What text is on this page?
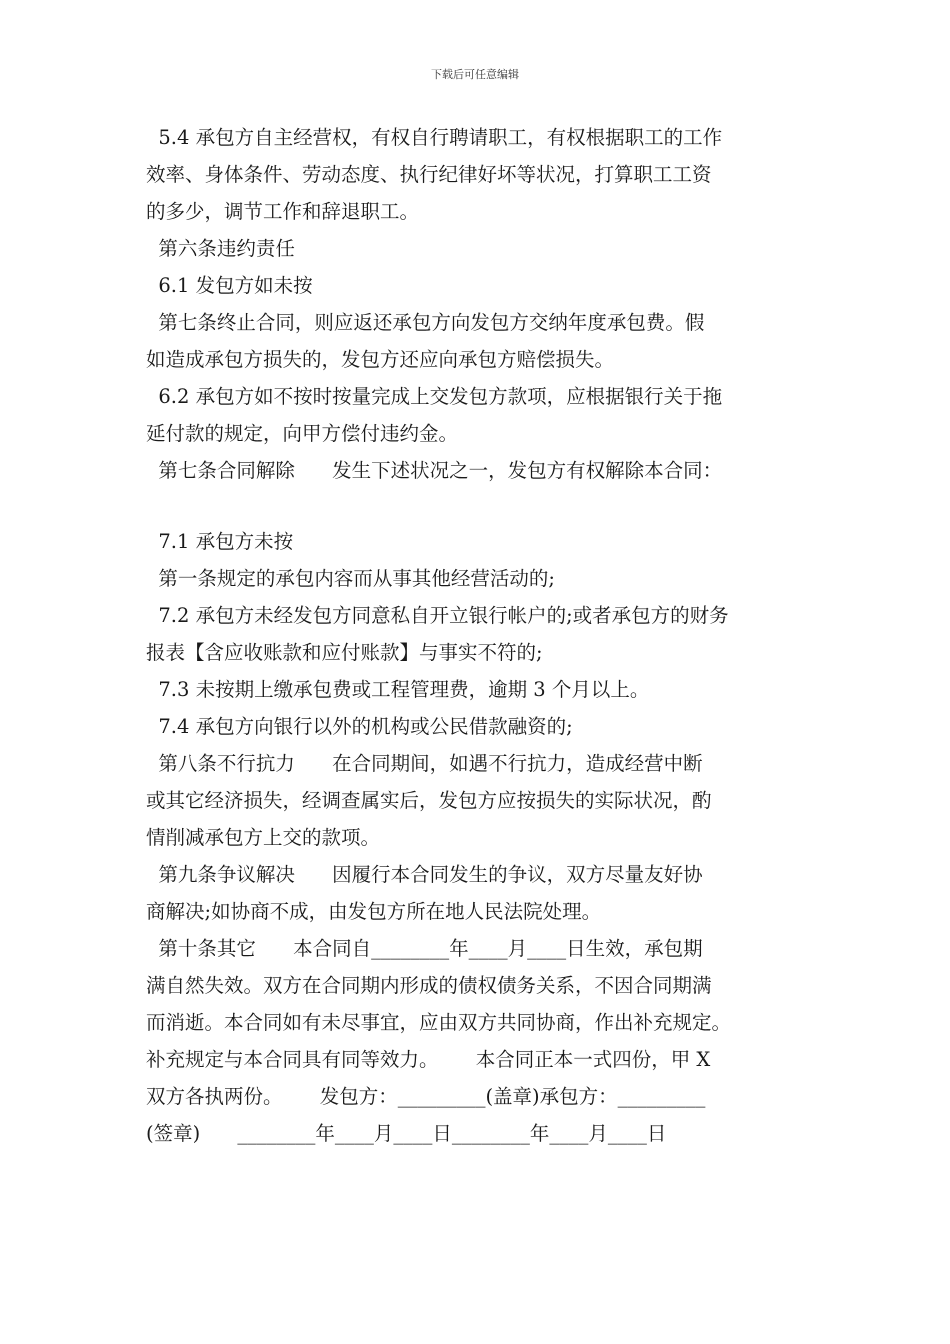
下载后可任意编辑
5.4 承包方自主经营权，有权自行聘请职工，有权根据职工的工作
效率、身体条件、劳动态度、执行纪律好坏等状况，打算职工工资
的多少，调节工作和辞退职工。
第六条违约责任
6.1 发包方如未按
第七条终止合同，则应返还承包方向发包方交纳年度承包费。假
如造成承包方损失的，发包方还应向承包方赔偿损失。
6.2 承包方如不按时按量完成上交发包方款项，应根据银行关于拖
延付款的规定，向甲方偿付违约金。
第七条合同解除      发生下述状况之一，发包方有权解除本合同：
7.1 承包方未按
第一条规定的承包内容而从事其他经营活动的;
7.2 承包方未经发包方同意私自开立银行帐户的;或者承包方的财务
报表【含应收账款和应付账款】与事实不符的;
7.3 未按期上缴承包费或工程管理费，逾期 3 个月以上。
7.4 承包方向银行以外的机构或公民借款融资的;
第八条不行抗力      在合同期间，如遇不行抗力，造成经营中断
或其它经济损失，经调查属实后，发包方应按损失的实际状况，酌
情削减承包方上交的款项。
第九条争议解决      因履行本合同发生的争议，双方尽量友好协
商解决;如协商不成，由发包方所在地人民法院处理。
第十条其它      本合同自________年____月____日生效，承包期
满自然失效。双方在合同期内形成的债权债务关系，不因合同期满
而消逝。本合同如有未尽事宜，应由双方共同协商，作出补充规定。
补充规定与本合同具有同等效力。      本合同正本一式四份，甲 X
双方各执两份。      发包方：_________(盖章)承包方：_________
(签章)      ________年____月____日________年____月____日
